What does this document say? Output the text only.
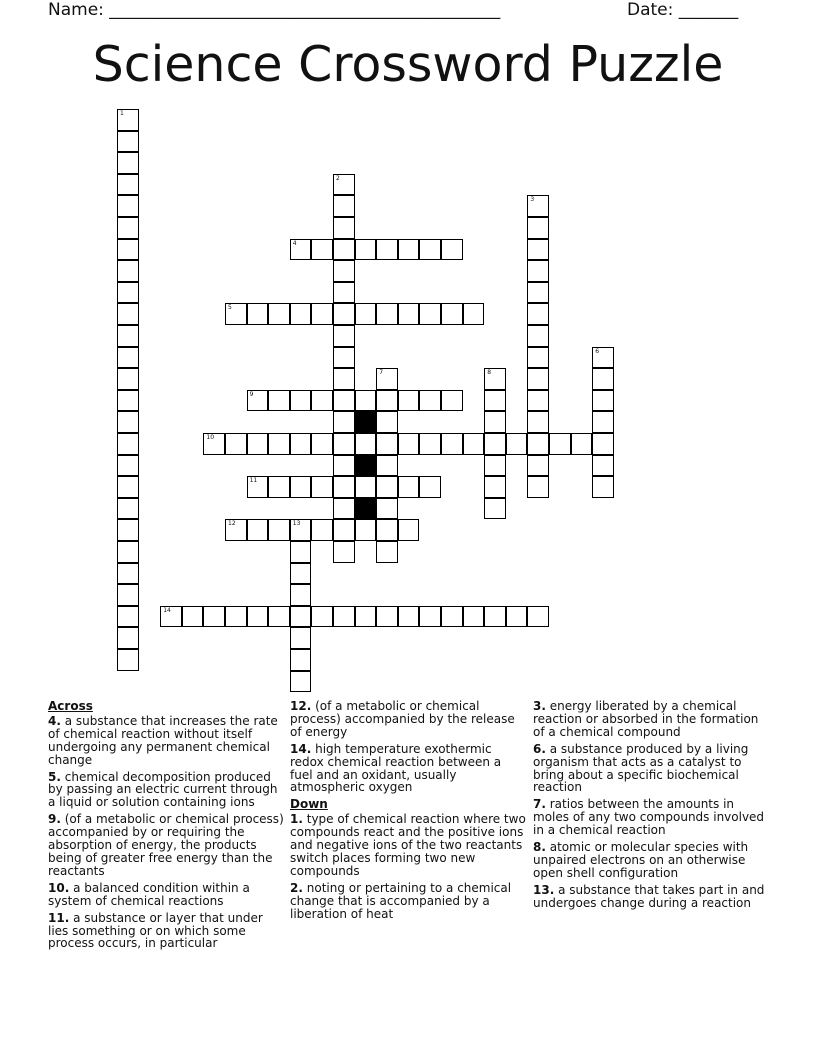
Name: ______________________________________________	Date: _______
Science Crossword Puzzle
1
2
3
4
5
6
7	8
9
10
11
12	13
14
Across
4. a substance that increases the rate of chemical reaction without itself undergoing any permanent chemical change
5. chemical decomposition produced by passing an electric current through a liquid or solution containing ions
9. (of a metabolic or chemical process) accompanied by or requiring the absorption of energy, the products being of greater free energy than the reactants
10. a balanced condition within a system of chemical reactions
11. a substance or layer that under lies something or on which some process occurs, in particular
12. (of a metabolic or chemical process) accompanied by the release of energy
14. high temperature exothermic redox chemical reaction between a fuel and an oxidant, usually atmospheric oxygen
Down
1. type of chemical reaction where two compounds react and the positive ions and negative ions of the two reactants switch places forming two new compounds
2. noting or pertaining to a chemical change that is accompanied by a liberation of heat
3. energy liberated by a chemical reaction or absorbed in the formation of a chemical compound
6. a substance produced by a living organism that acts as a catalyst to bring about a specific biochemical reaction
7. ratios between the amounts in moles of any two compounds involved in a chemical reaction
8. atomic or molecular species with unpaired electrons on an otherwise open shell configuration
13. a substance that takes part in and undergoes change during a reaction
